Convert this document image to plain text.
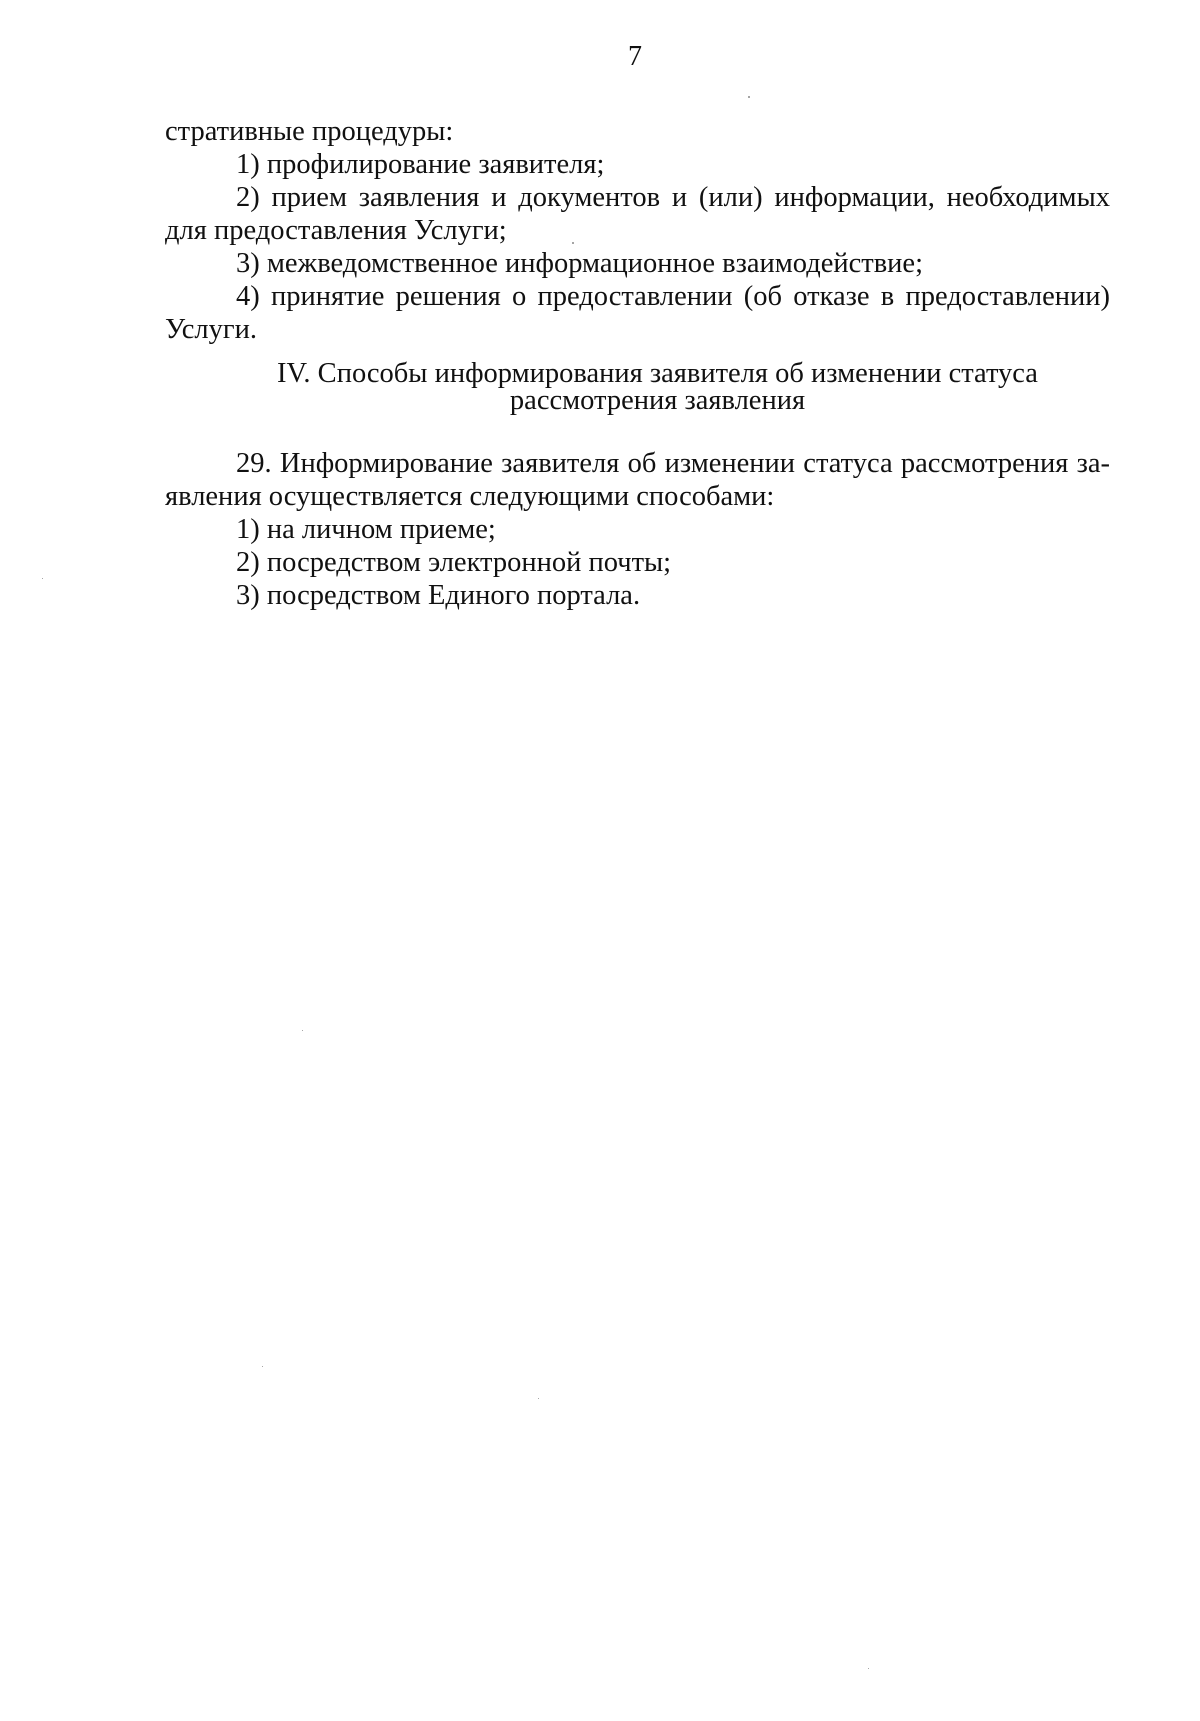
7
стративные процедуры:
1) профилирование заявителя;
2) прием заявления и документов и (или) информации, необходимых
для предоставления Услуги;
3) межведомственное информационное взаимодействие;
4) принятие решения о предоставлении (об отказе в предоставлении)
Услуги.
IV. Способы информирования заявителя об изменении статуса
рассмотрения заявления
29. Информирование заявителя об изменении статуса рассмотрения за-
явления осуществляется следующими способами:
1) на личном приеме;
2) посредством электронной почты;
3) посредством Единого портала.
